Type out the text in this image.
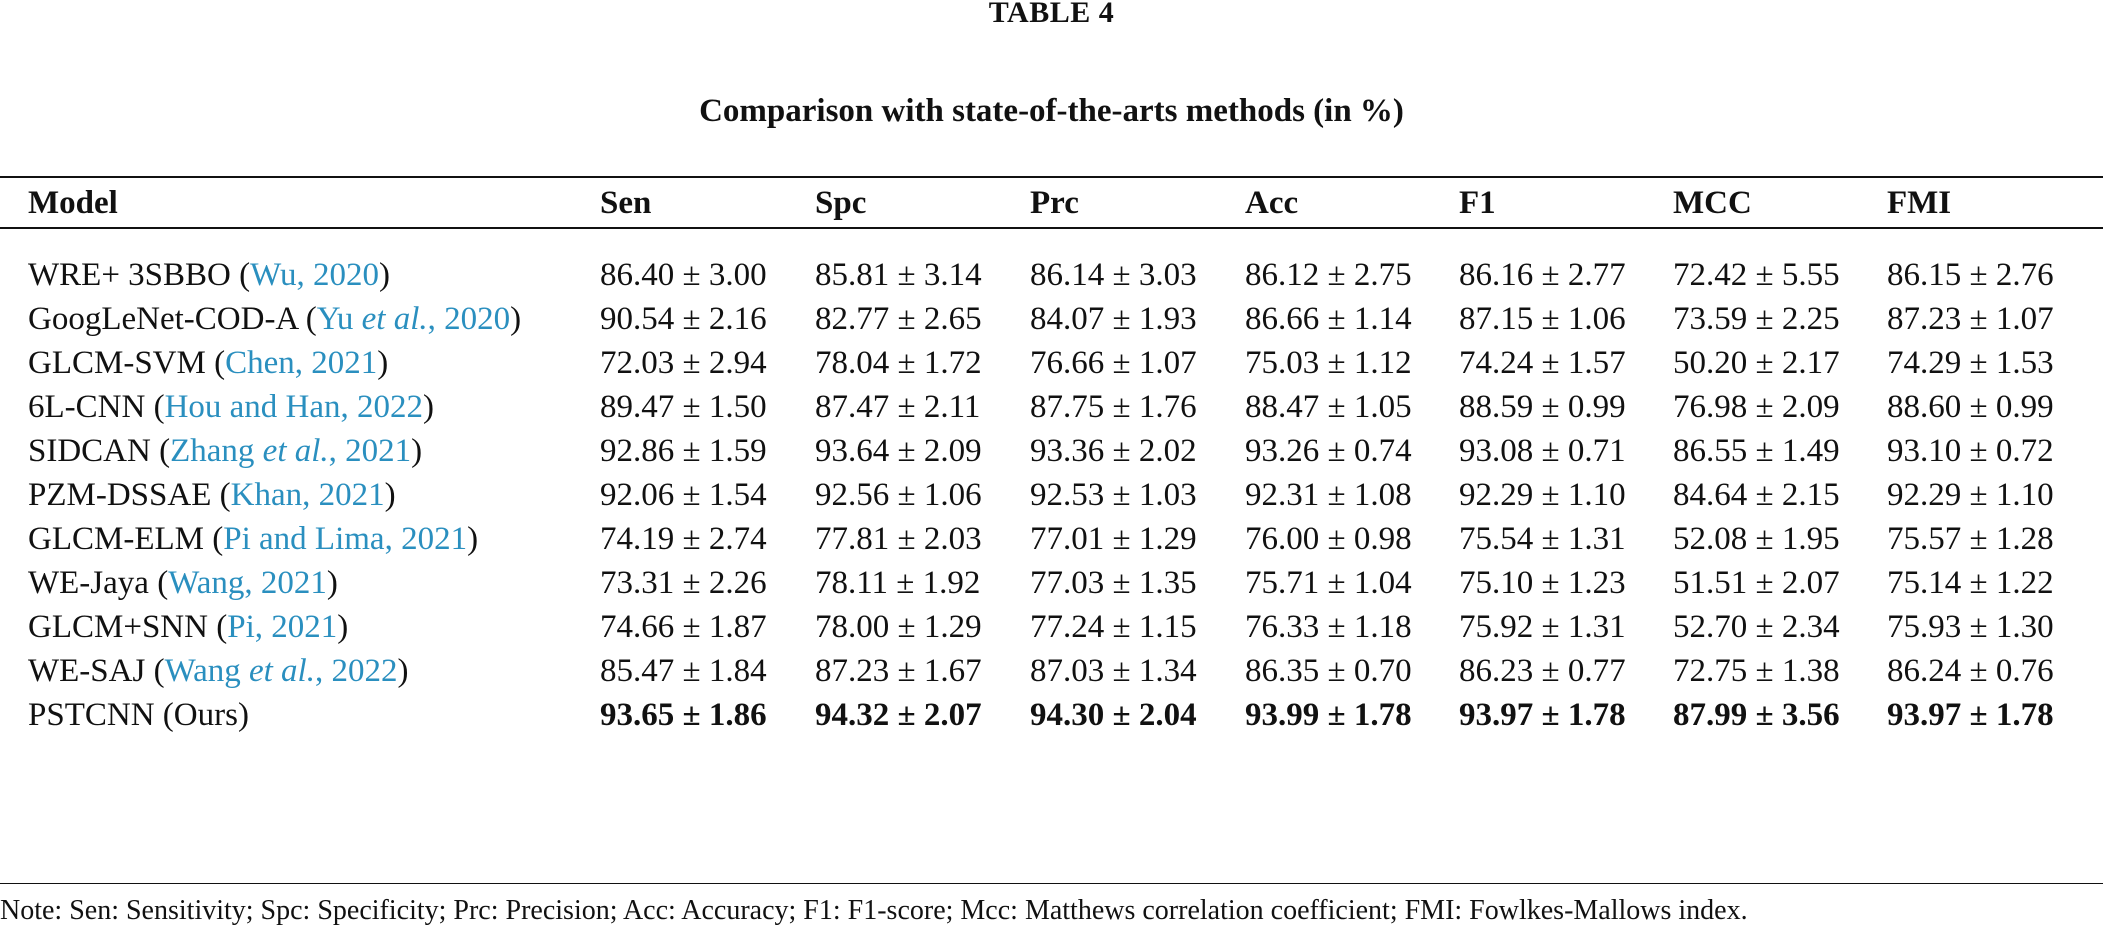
TABLE 4
Comparison with state-of-the-arts methods (in %)
Model	Sen	Spc	Prc	Acc	F1	MCC	FMI
WRE+ 3SBBO (Wu, 2020)	86.40 ± 3.00 85.81 ± 3.14 86.14 ± 3.03 86.12 ± 2.75 86.16 ± 2.77 72.42 ± 5.55 86.15 ± 2.76
GoogLeNet-COD-A (Yu et al., 2020) 90.54 ± 2.16 82.77 ± 2.65 84.07 ± 1.93 86.66 ± 1.14 87.15 ± 1.06 73.59 ± 2.25 87.23 ± 1.07
GLCM-SVM (Chen, 2021)	72.03 ± 2.94 78.04 ± 1.72 76.66 ± 1.07 75.03 ± 1.12 74.24 ± 1.57 50.20 ± 2.17 74.29 ± 1.53
6L-CNN (Hou and Han, 2022)	89.47 ± 1.50 87.47 ± 2.11 87.75 ± 1.76 88.47 ± 1.05 88.59 ± 0.99 76.98 ± 2.09 88.60 ± 0.99
SIDCAN (Zhang et al., 2021)	92.86 ± 1.59 93.64 ± 2.09 93.36 ± 2.02 93.26 ± 0.74 93.08 ± 0.71 86.55 ± 1.49 93.10 ± 0.72
PZM-DSSAE (Khan, 2021)	92.06 ± 1.54 92.56 ± 1.06 92.53 ± 1.03 92.31 ± 1.08 92.29 ± 1.10 84.64 ± 2.15 92.29 ± 1.10
GLCM-ELM (Pi and Lima, 2021)	74.19 ± 2.74 77.81 ± 2.03 77.01 ± 1.29 76.00 ± 0.98 75.54 ± 1.31 52.08 ± 1.95 75.57 ± 1.28
WE-Jaya (Wang, 2021)	73.31 ± 2.26 78.11 ± 1.92 77.03 ± 1.35 75.71 ± 1.04 75.10 ± 1.23 51.51 ± 2.07 75.14 ± 1.22
GLCM+SNN (Pi, 2021)	74.66 ± 1.87 78.00 ± 1.29 77.24 ± 1.15 76.33 ± 1.18 75.92 ± 1.31 52.70 ± 2.34 75.93 ± 1.30
WE-SAJ (Wang et al., 2022)	85.47 ± 1.84 87.23 ± 1.67 87.03 ± 1.34 86.35 ± 0.70 86.23 ± 0.77 72.75 ± 1.38 86.24 ± 0.76
PSTCNN (Ours)	93.65 ± 1.86 94.32 ± 2.07 94.30 ± 2.04 93.99 ± 1.78 93.97 ± 1.78 87.99 ± 3.56 93.97 ± 1.78
Note: Sen: Sensitivity; Spc: Specificity; Prc: Precision; Acc: Accuracy; F1: F1-score; Mcc: Matthews correlation coefficient; FMI: Fowlkes-Mallows index.
